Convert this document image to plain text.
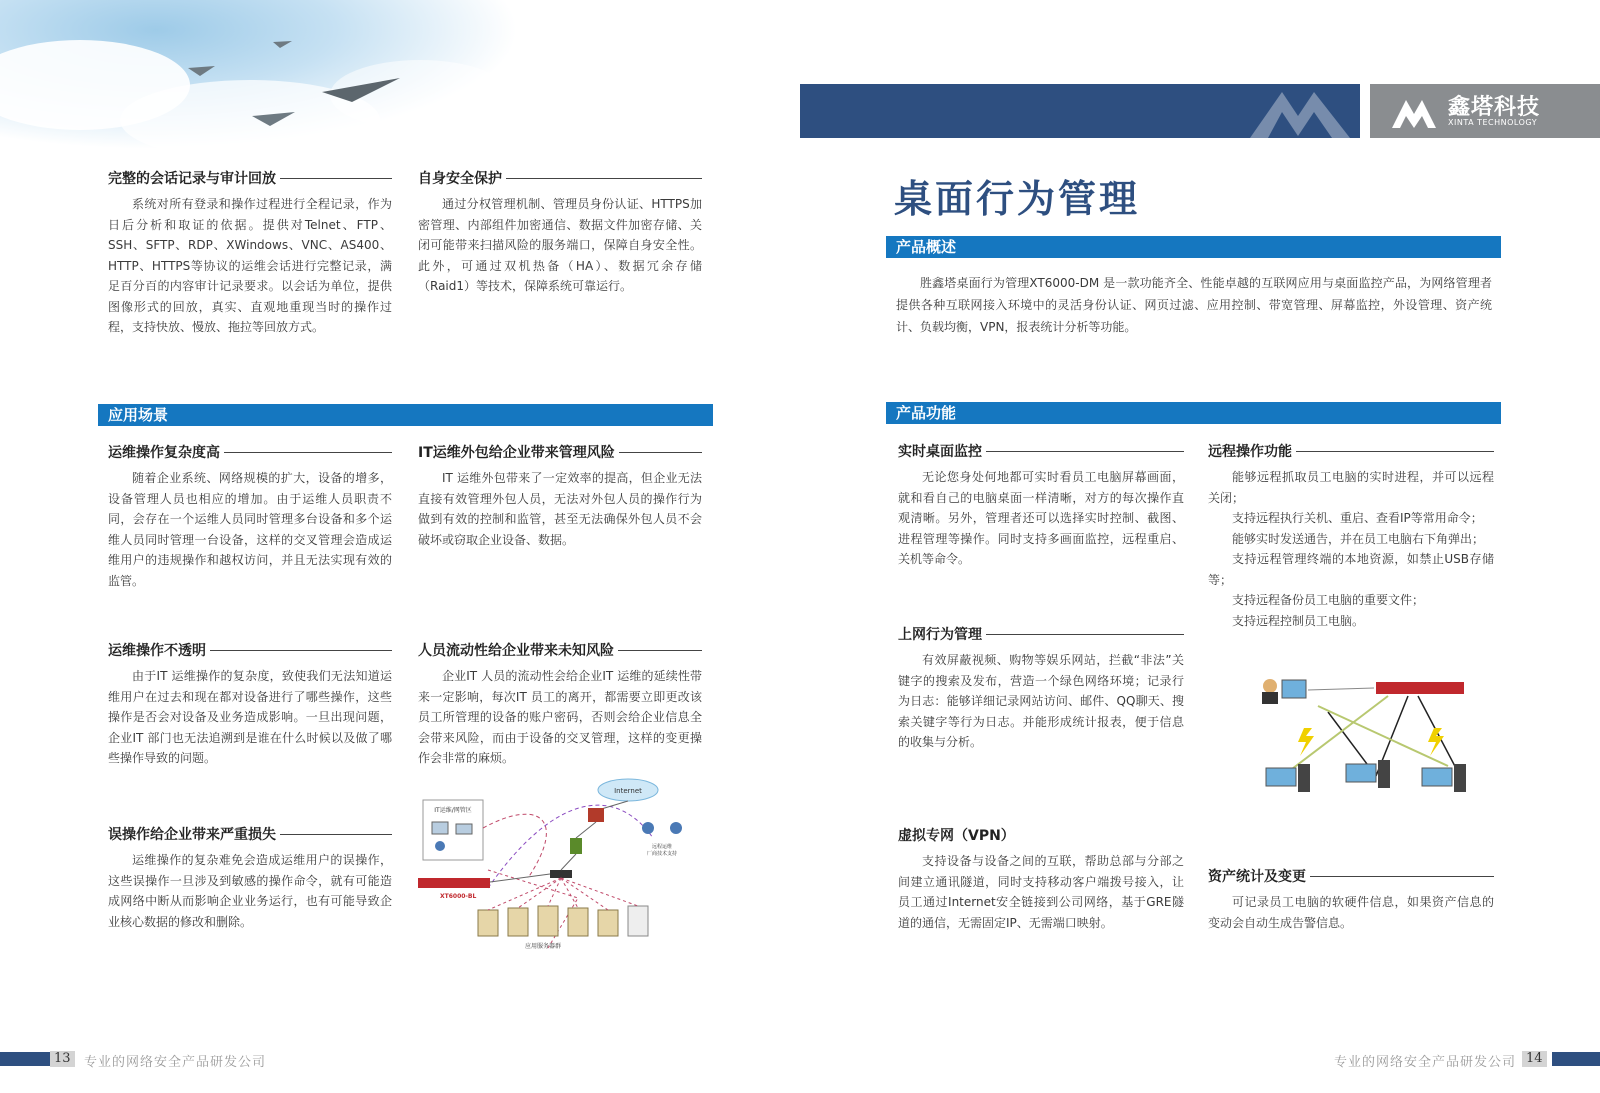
完整的会话记录与审计回放

系统对所有登录和操作过程进行全程记录，作为日后分析和取证的依据。提供对Telnet、FTP、SSH、SFTP、RDP、XWindows、VNC、AS400、HTTP、HTTPS等协议的运维会话进行完整记录，满足百分百的内容审计记录要求。以会话为单位，提供图像形式的回放，真实、直观地重现当时的操作过程，支持快放、慢放、拖拉等回放方式。

自身安全保护

通过分权管理机制、管理员身份认证、HTTPS加密管理、内部组件加密通信、数据文件加密存储、关闭可能带来扫描风险的服务端口，保障自身安全性。此外，可通过双机热备（HA）、数据冗余存储（Raid1）等技术，保障系统可靠运行。

应用场景
运维操作复杂度高

随着企业系统、网络规模的扩大，设备的增多，设备管理人员也相应的增加。由于运维人员职责不同，会存在一个运维人员同时管理多台设备和多个运维人员同时管理一台设备，这样的交叉管理会造成运维用户的违规操作和越权访问，并且无法实现有效的监管。

IT运维外包给企业带来管理风险

IT 运维外包带来了一定效率的提高，但企业无法直接有效管理外包人员，无法对外包人员的操作行为做到有效的控制和监管，甚至无法确保外包人员不会破坏或窃取企业设备、数据。

运维操作不透明

由于IT 运维操作的复杂度，致使我们无法知道运维用户在过去和现在都对设备进行了哪些操作，这些操作是否会对设备及业务造成影响。一旦出现问题，企业IT 部门也无法追溯到是谁在什么时候以及做了哪些操作导致的问题。

人员流动性给企业带来未知风险

企业IT 人员的流动性会给企业IT 运维的延续性带来一定影响，每次IT 员工的离开，都需要立即更改该员工所管理的设备的账户密码，否则会给企业信息全会带来风险，而由于设备的交叉管理，这样的变更操作会非常的麻烦。

误操作给企业带来严重损失

运维操作的复杂难免会造成运维用户的误操作，这些误操作一旦涉及到敏感的操作命令，就有可能造成网络中断从而影响企业业务运行，也有可能导致企业核心数据的修改和删除。

IT运维/网管区
Internet
XT6000-BL
远程运维
厂商技术支持
应用服务器群
13	专业的网络安全产品研发公司
鑫塔科技
XINTA TECHNOLOGY
桌面行为管理
产品概述

胜鑫塔桌面行为管理XT6000-DM 是一款功能齐全、性能卓越的互联网应用与桌面监控产品，为网络管理者提供各种互联网接入环境中的灵活身份认证、网页过滤、应用控制、带宽管理、屏幕监控，外设管理、资产统计、负载均衡，VPN，报表统计分析等功能。

产品功能
实时桌面监控

无论您身处何地都可实时看员工电脑屏幕画面，就和看自己的电脑桌面一样清晰，对方的每次操作直观清晰。另外，管理者还可以选择实时控制、截图、进程管理等操作。同时支持多画面监控，远程重启、关机等命令。

上网行为管理

有效屏蔽视频、购物等娱乐网站，拦截“非法”关键字的搜索及发布，营造一个绿色网络环境；记录行为日志：能够详细记录网站访问、邮件、QQ聊天、搜索关键字等行为日志。并能形成统计报表，便于信息的收集与分析。

虚拟专网（VPN）

支持设备与设备之间的互联，帮助总部与分部之间建立通讯隧道，同时支持移动客户端拨号接入，让员工通过Internet安全链接到公司网络，基于GRE隧道的通信，无需固定IP、无需端口映射。

远程操作功能

能够远程抓取员工电脑的实时进程，并可以远程关闭；

支持远程执行关机、重启、查看IP等常用命令；

能够实时发送通告，并在员工电脑右下角弹出；

支持远程管理终端的本地资源，如禁止USB存储等；

支持远程备份员工电脑的重要文件；

支持远程控制员工电脑。

资产统计及变更

可记录员工电脑的软硬件信息，如果资产信息的变动会自动生成告警信息。

专业的网络安全产品研发公司 14
